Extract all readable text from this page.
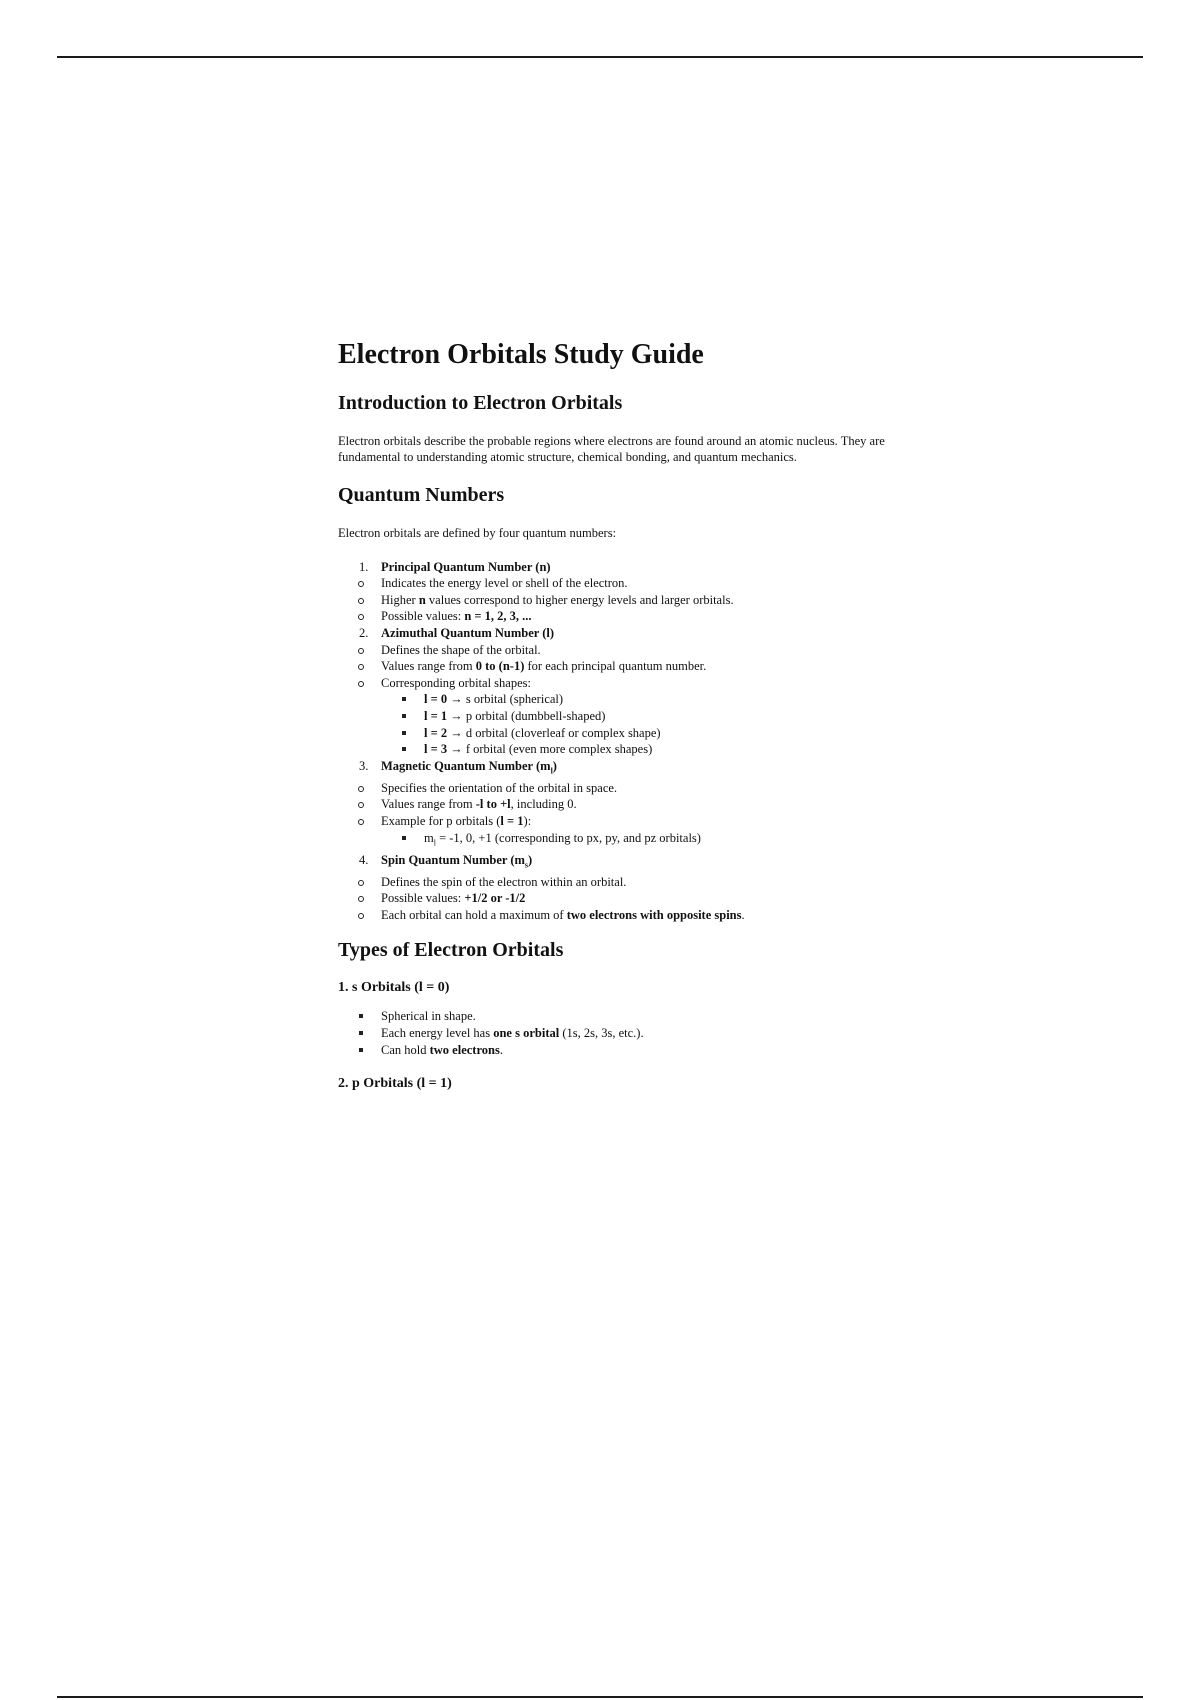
Electron Orbitals Study Guide
Introduction to Electron Orbitals

Electron orbitals describe the probable regions where electrons are found around an atomic nucleus. They are fundamental to understanding atomic structure, chemical bonding, and quantum mechanics.

Quantum Numbers

Electron orbitals are defined by four quantum numbers:

1. Principal Quantum Number (n)
Indicates the energy level or shell of the electron.
Higher n values correspond to higher energy levels and larger orbitals.
Possible values: n = 1, 2, 3, ...
2. Azimuthal Quantum Number (l)
Defines the shape of the orbital.
Values range from 0 to (n-1) for each principal quantum number.
Corresponding orbital shapes:
l = 0 → s orbital (spherical)
l = 1 → p orbital (dumbbell-shaped)
l = 2 → d orbital (cloverleaf or complex shape)
l = 3 → f orbital (even more complex shapes)
3. Magnetic Quantum Number $(m_l)$
Specifies the orientation of the orbital in space.
Values range from -l to +l, including 0.
Example for p orbitals (l = 1):
$m_l = -1$, 0, +1 (corresponding to px, py, and pz orbitals)
4. Spin Quantum Number $(m_s)$
Defines the spin of the electron within an orbital.
Possible values: +1/2 or -1/2
Each orbital can hold a maximum of two electrons with opposite spins.
Types of Electron Orbitals
1. s Orbitals (l = 0)
Spherical in shape.
Each energy level has one s orbital (1s, 2s, 3s, etc.).
Can hold two electrons.
2. p Orbitals (l = 1)
